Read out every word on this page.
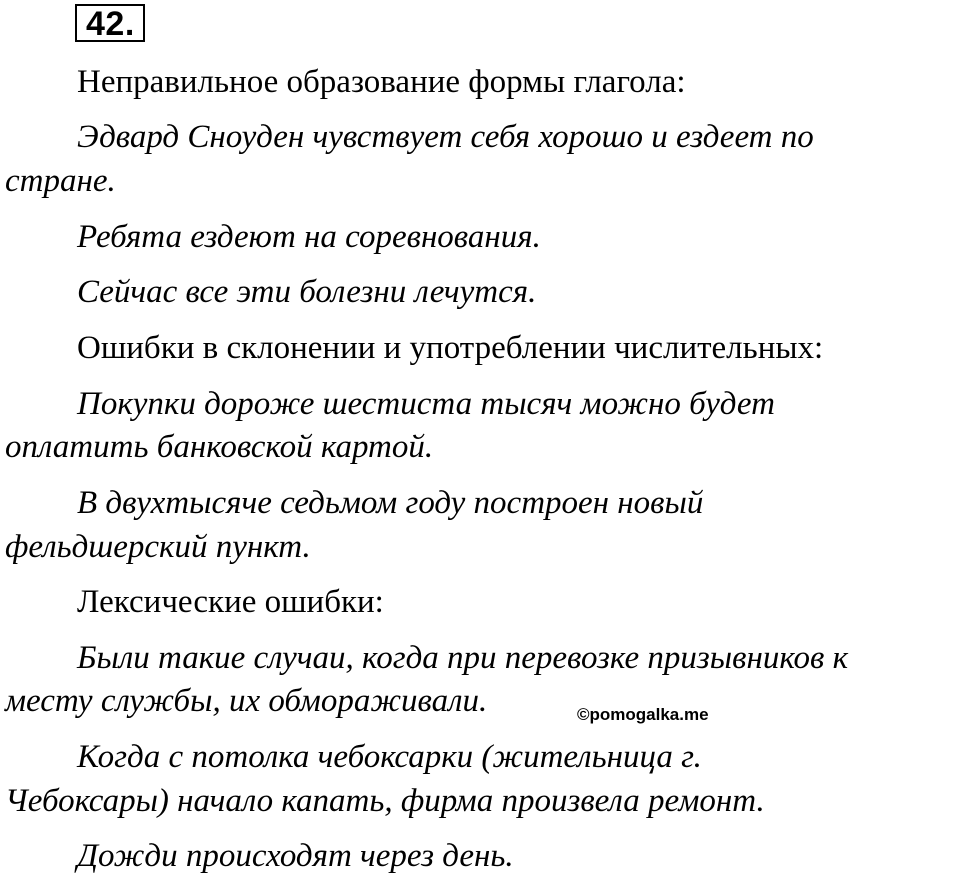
42.
Неправильное образование формы глагола:
Эдвард Сноуден чувствует себя хорошо и ездеет по
стране.
Ребята ездеют на соревнования.
Сейчас все эти болезни лечутся.
Ошибки в склонении и употреблении числительных:
Покупки дороже шестиста тысяч можно будет
оплатить банковской картой.
В двухтысяче седьмом году построен новый
фельдшерский пункт.
Лексические ошибки:
Были такие случаи, когда при перевозке призывников к
месту службы, их обмораживали.	©pomogalka.me
Когда с потолка чебоксарки (жительница г.
Чебоксары) начало капать, фирма произвела ремонт.
Дожди происходят через день.
